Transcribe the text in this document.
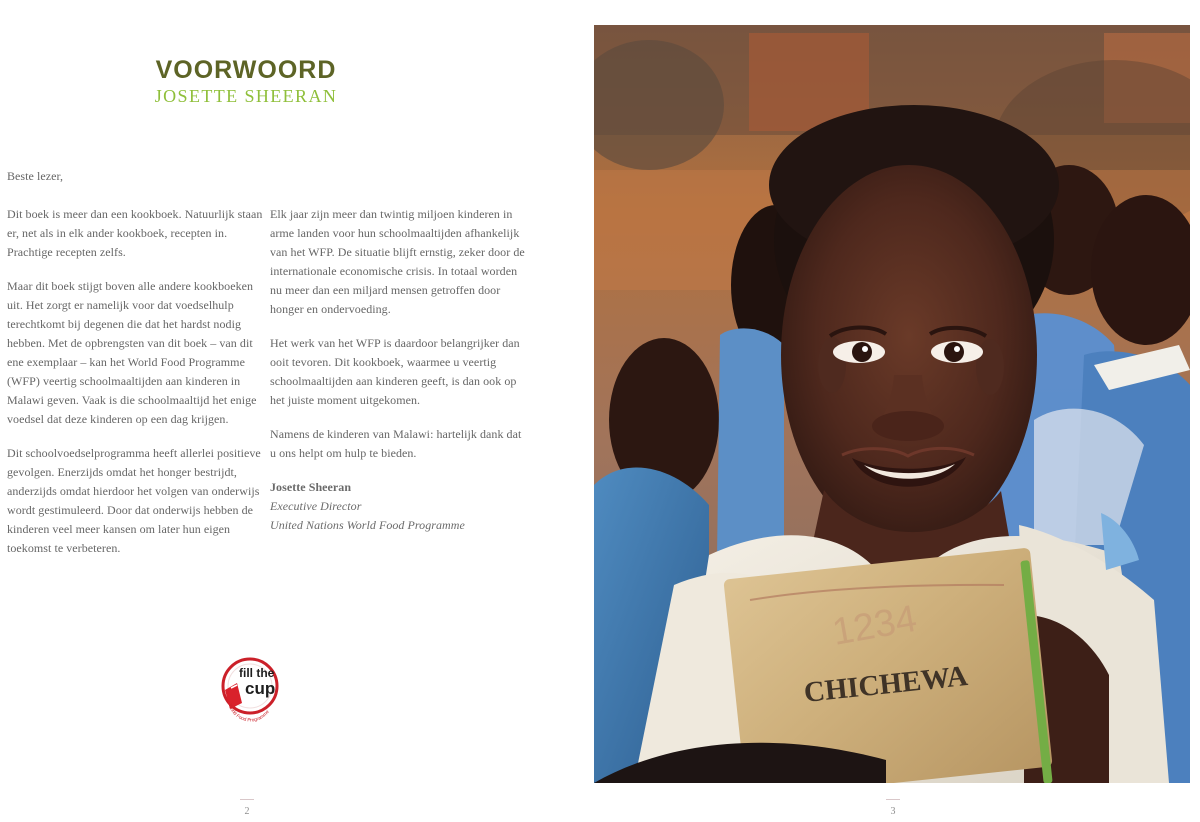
VOORWOORD

JOSETTE SHEERAN

Beste lezer,

Dit boek is meer dan een kookboek. Natuurlijk staan er, net als in elk ander kookboek, recepten in. Prachtige recepten zelfs.

Maar dit boek stijgt boven alle andere kookboeken uit. Het zorgt er namelijk voor dat voedselhulp terechtkomt bij degenen die dat het hardst nodig hebben. Met de opbrengsten van dit boek – van dit ene exemplaar – kan het World Food Programme (WFP) veertig schoolmaaltijden aan kinderen in Malawi geven. Vaak is die schoolmaaltijd het enige voedsel dat deze kinderen op een dag krijgen.

Dit schoolvoedselprogramma heeft allerlei positieve gevolgen. Enerzijds omdat het honger bestrijdt, anderzijds omdat hierdoor het volgen van onderwijs wordt gestimuleerd. Door dat onderwijs hebben de kinderen veel meer kansen om later hun eigen toekomst te verbeteren.

Elk jaar zijn meer dan twintig miljoen kinderen in arme landen voor hun schoolmaaltijden afhankelijk van het WFP. De situatie blijft ernstig, zeker door de internationale economische crisis. In totaal worden nu meer dan een miljard mensen getroffen door honger en ondervoeding.

Het werk van het WFP is daardoor belangrijker dan ooit tevoren. Dit kookboek, waarmee u veertig schoolmaaltijden aan kinderen geeft, is dan ook op het juiste moment uitgekomen.

Namens de kinderen van Malawi: hartelijk dank dat u ons helpt om hulp te bieden.

Josette Sheeran
Executive Director
United Nations World Food Programme

fill the
cup
World Food Programme
2	3
CHICHEWA
1234
